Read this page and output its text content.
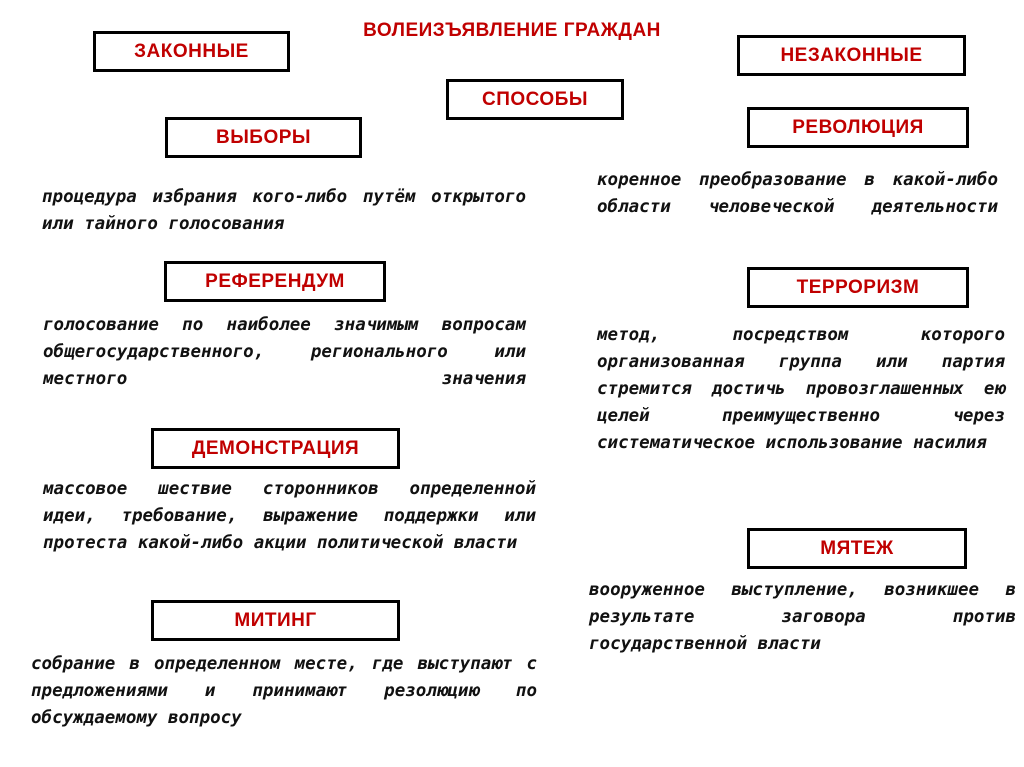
ВОЛЕИЗЪЯВЛЕНИЕ ГРАЖДАН
ЗАКОННЫЕ	НЕЗАКОННЫЕ
СПОСОБЫ
ВЫБОРЫ
процедура избрания кого-либо путём открытого или тайного голосования
РЕФЕРЕНДУМ
голосование по наиболее значимым вопросам общегосударственного, регионального или местного значения
ДЕМОНСТРАЦИЯ
массовое шествие сторонников определенной идеи, требование, выражение поддержки или протеста какой-либо акции политической власти
МИТИНГ
собрание в определенном месте, где выступают с предложениями и принимают резолюцию по обсуждаемому вопросу
РЕВОЛЮЦИЯ
коренное преобразование в какой-либо области человеческой деятельности
ТЕРРОРИЗМ
метод, посредством которого организованная группа или партия стремится достичь провозглашенных ею целей преимущественно через систематическое использование насилия
МЯТЕЖ
вооруженное выступление, возникшее в результате заговора против государственной власти
